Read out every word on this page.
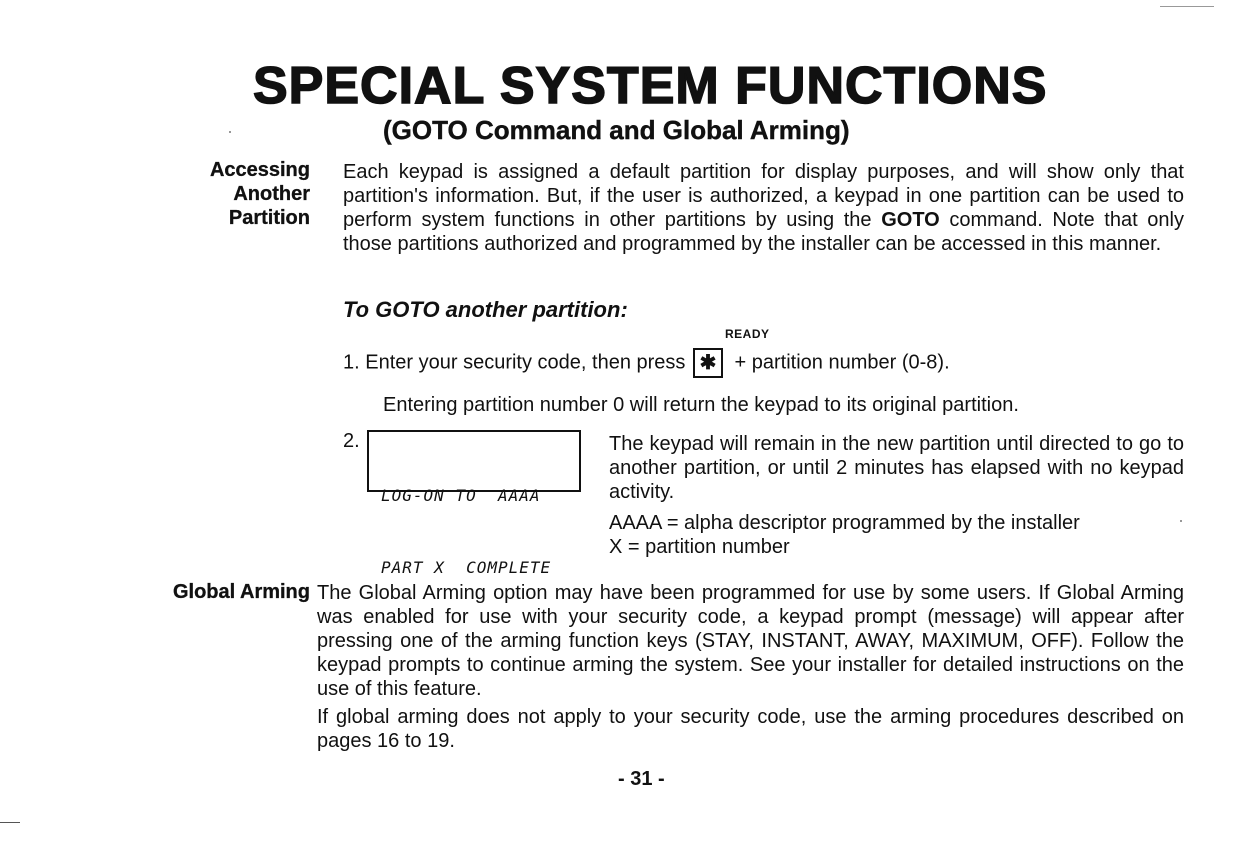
SPECIAL SYSTEM FUNCTIONS
(GOTO Command and Global Arming)
Accessing
Another
Partition

Each keypad is assigned a default partition for display purposes, and will show only that partition's information. But, if the user is authorized, a keypad in one partition can be used to perform system functions in other partitions by using the GOTO command. Note that only those partitions authorized and programmed by the installer can be accessed in this manner.

To GOTO another partition:
READY
1. Enter your security code, then press ✱ + partition number (0-8).
Entering partition number 0 will return the keypad to its original partition.
2.

LOG-ON TO  AAAA

PART X  COMPLETE

The keypad will remain in the new partition until directed to go to another partition, or until 2 minutes has elapsed with no keypad activity.

AAAA = alpha descriptor programmed by the installer
X = partition number
Global Arming The Global Arming option may have been programmed for use by some users. If Global Arming was enabled for use with your security code, a keypad prompt (message) will appear after pressing one of the arming function keys (STAY, INSTANT, AWAY, MAXIMUM, OFF). Follow the keypad prompts to continue arming the system. See your installer for detailed instructions on the use of this feature.

If global arming does not apply to your security code, use the arming procedures described on pages 16 to 19.

- 31 -
